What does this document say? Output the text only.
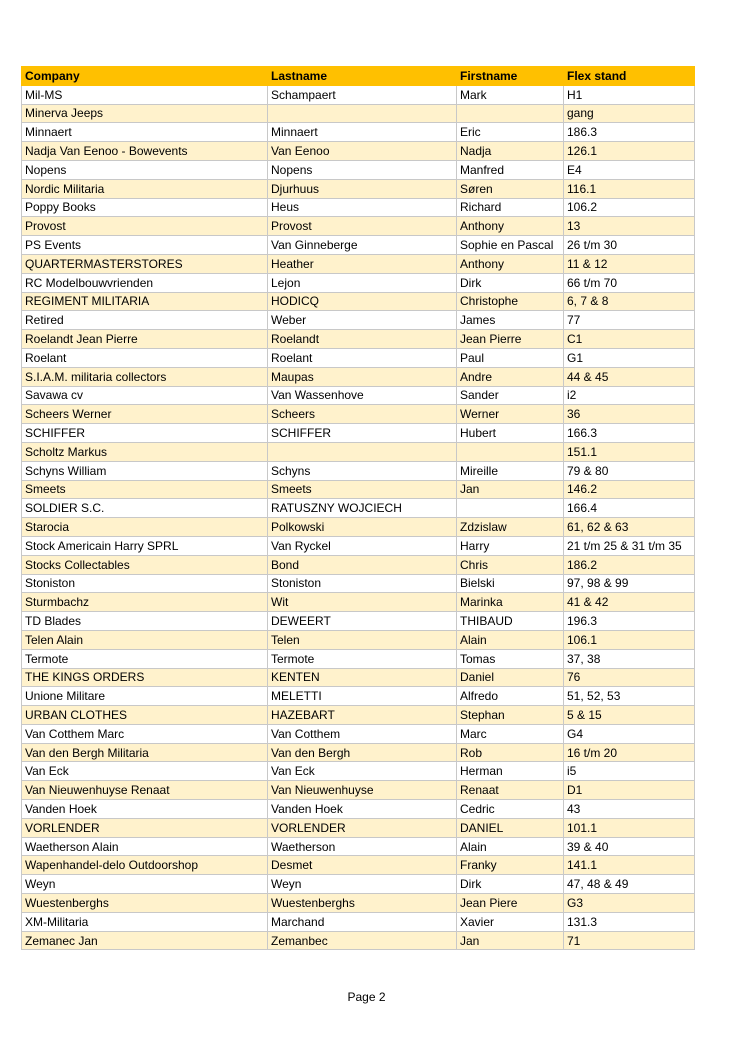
Company	Lastname	Firstname	Flex stand
Mil-MS	Schampaert	Mark	H1
Minerva Jeeps			gang
Minnaert	Minnaert	Eric	186.3
Nadja Van Eenoo - Bowevents	Van Eenoo	Nadja	126.1
Nopens	Nopens	Manfred	E4
Nordic Militaria	Djurhuus	Søren	116.1
Poppy Books	Heus	Richard	106.2
Provost	Provost	Anthony	13
PS Events	Van Ginneberge	Sophie en Pascal	26 t/m 30
QUARTERMASTERSTORES	Heather	Anthony	11 & 12
RC Modelbouwvrienden	Lejon	Dirk	66 t/m 70
REGIMENT MILITARIA	HODICQ	Christophe	6, 7 & 8
Retired	Weber	James	77
Roelandt Jean Pierre	Roelandt	Jean Pierre	C1
Roelant	Roelant	Paul	G1
S.I.A.M. militaria collectors	Maupas	Andre	44 & 45
Savawa cv	Van Wassenhove	Sander	i2
Scheers Werner	Scheers	Werner	36
SCHIFFER	SCHIFFER	Hubert	166.3
Scholtz Markus			151.1
Schyns William	Schyns	Mireille	79 & 80
Smeets	Smeets	Jan	146.2
SOLDIER S.C.	RATUSZNY WOJCIECH		166.4
Starocia	Polkowski	Zdzislaw	61, 62 & 63
Stock Americain Harry SPRL	Van Ryckel	Harry	21 t/m 25 & 31 t/m 35
Stocks Collectables	Bond	Chris	186.2
Stoniston	Stoniston	Bielski	97, 98 & 99
Sturmbachz	Wit	Marinka	41 & 42
TD Blades	DEWEERT	THIBAUD	196.3
Telen Alain	Telen	Alain	106.1
Termote	Termote	Tomas	37, 38
THE KINGS ORDERS	KENTEN	Daniel	76
Unione Militare	MELETTI	Alfredo	51, 52, 53
URBAN CLOTHES	HAZEBART	Stephan	5 & 15
Van Cotthem Marc	Van Cotthem	Marc	G4
Van den Bergh Militaria	Van den Bergh	Rob	16 t/m 20
Van Eck	Van Eck	Herman	i5
Van Nieuwenhuyse Renaat	Van Nieuwenhuyse	Renaat	D1
Vanden Hoek	Vanden Hoek	Cedric	43
VORLENDER	VORLENDER	DANIEL	101.1
Waetherson Alain	Waetherson	Alain	39 & 40
Wapenhandel-delo Outdoorshop	Desmet	Franky	141.1
Weyn	Weyn	Dirk	47, 48 & 49
Wuestenberghs	Wuestenberghs	Jean Piere	G3
XM-Militaria	Marchand	Xavier	131.3
Zemanec Jan	Zemanbec	Jan	71
Page 2
